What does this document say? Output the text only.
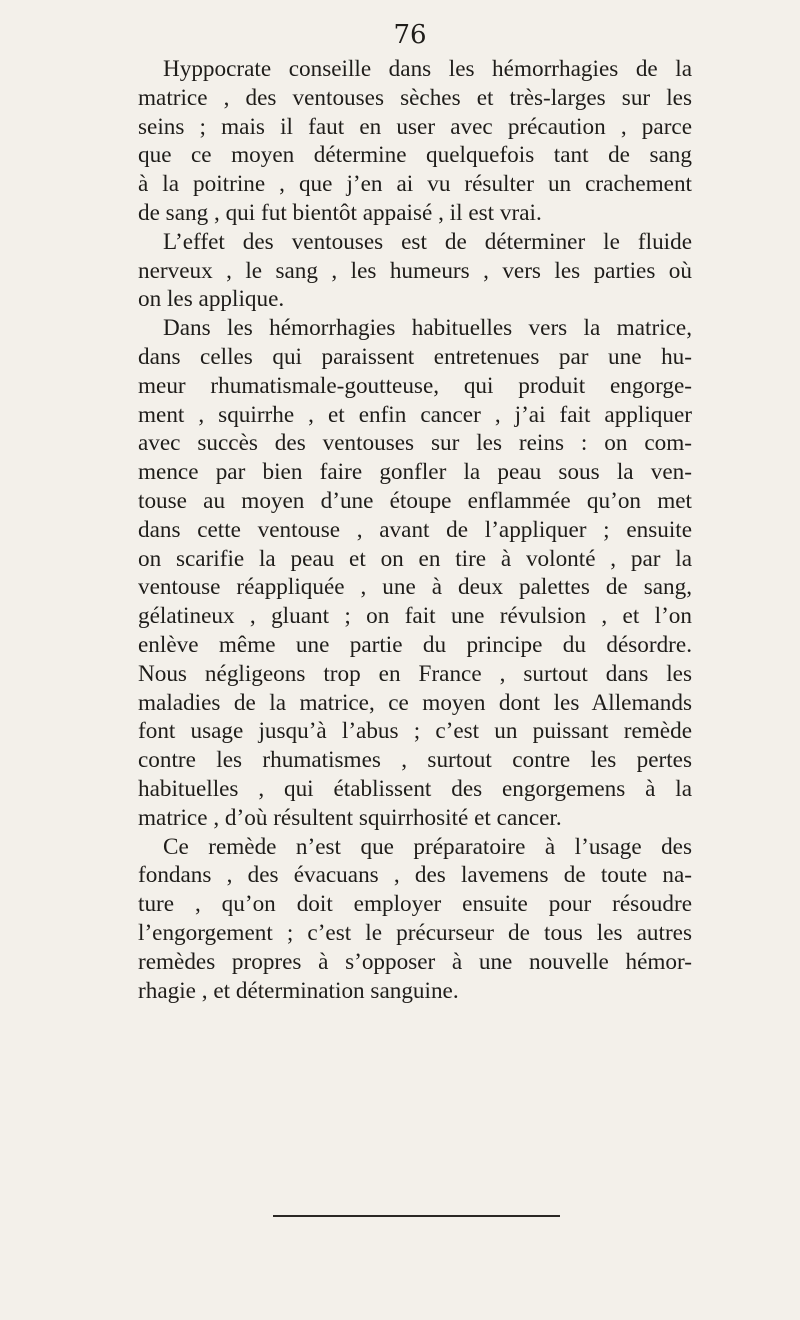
76
Hyppocrate conseille dans les hémorrhagies de la
matrice , des ventouses sèches et très-larges sur les
seins ; mais il faut en user avec précaution , parce
que ce moyen détermine quelquefois tant de sang
à la poitrine , que j’en ai vu résulter un crachement
de sang , qui fut bientôt appaisé , il est vrai.
L’effet des ventouses est de déterminer le fluide
nerveux , le sang , les humeurs , vers les parties où
on les applique.
Dans les hémorrhagies habituelles vers la matrice,
dans celles qui paraissent entretenues par une hu-
meur rhumatismale-goutteuse, qui produit engorge-
ment , squirrhe , et enfin cancer , j’ai fait appliquer
avec succès des ventouses sur les reins : on com-
mence par bien faire gonfler la peau sous la ven-
touse au moyen d’une étoupe enflammée qu’on met
dans cette ventouse , avant de l’appliquer ; ensuite
on scarifie la peau et on en tire à volonté , par la
ventouse réappliquée , une à deux palettes de sang,
gélatineux , gluant ; on fait une révulsion , et l’on
enlève même une partie du principe du désordre.
Nous négligeons trop en France , surtout dans les
maladies de la matrice, ce moyen dont les Allemands
font usage jusqu’à l’abus ; c’est un puissant remède
contre les rhumatismes , surtout contre les pertes
habituelles , qui établissent des engorgemens à la
matrice , d’où résultent squirrhosité et cancer.
Ce remède n’est que préparatoire à l’usage des
fondans , des évacuans , des lavemens de toute na-
ture , qu’on doit employer ensuite pour résoudre
l’engorgement ; c’est le précurseur de tous les autres
remèdes propres à s’opposer à une nouvelle hémor-
rhagie , et détermination sanguine.
